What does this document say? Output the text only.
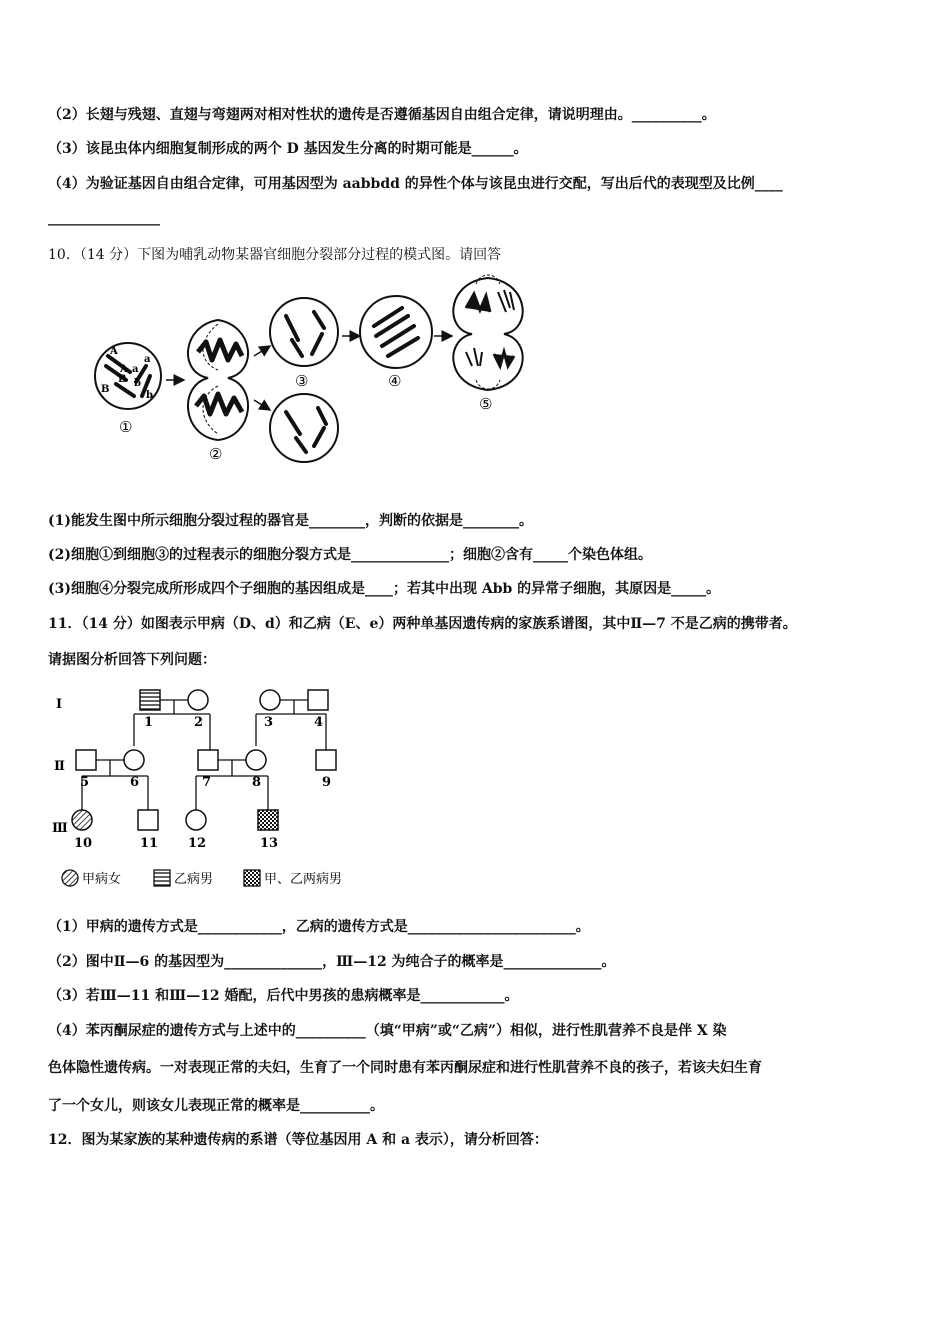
（2）长翅与残翅、直翅与弯翅两对相对性状的遗传是否遵循基因自由组合定律，请说明理由。__________。
（3）该昆虫体内细胞复制形成的两个 D 基因发生分离的时期可能是______。
（4）为验证基因自由组合定律，可用基因型为 aabbdd 的异性个体与该昆虫进行交配，写出后代的表现型及比例____
________________
10．（14 分）下图为哺乳动物某器官细胞分裂部分过程的模式图。请回答
A
A
a
a
B
B
b
b
①
②
③	④
⑤
(1)能发生图中所示细胞分裂过程的器官是________，判断的依据是________。
(2)细胞①到细胞③的过程表示的细胞分裂方式是______________；细胞②含有_____个染色体组。
(3)细胞④分裂完成所形成四个子细胞的基因组成是____；若其中出现 Abb 的异常子细胞，其原因是_____。
11．（14 分）如图表示甲病（D、d）和乙病（E、e）两种单基因遗传病的家族系谱图，其中Ⅱ—7 不是乙病的携带者。
请据图分析回答下列问题：
Ⅰ
Ⅱ
Ⅲ
1	2	3	4
5	6	7	8	9
10	11 12	13
甲病女	乙病男	甲、乙两病男
（1）甲病的遗传方式是____________，乙病的遗传方式是________________________。
（2）图中Ⅱ—6 的基因型为______________，Ⅲ—12 为纯合子的概率是______________。
（3）若Ⅲ—11 和Ⅲ—12 婚配，后代中男孩的患病概率是____________。
（4）苯丙酮尿症的遗传方式与上述中的__________（填“甲病”或“乙病”）相似，进行性肌营养不良是伴 X 染
色体隐性遗传病。一对表现正常的夫妇，生育了一个同时患有苯丙酮尿症和进行性肌营养不良的孩子，若该夫妇生育
了一个女儿，则该女儿表现正常的概率是__________。
12．图为某家族的某种遗传病的系谱（等位基因用 A 和 a 表示），请分析回答：
